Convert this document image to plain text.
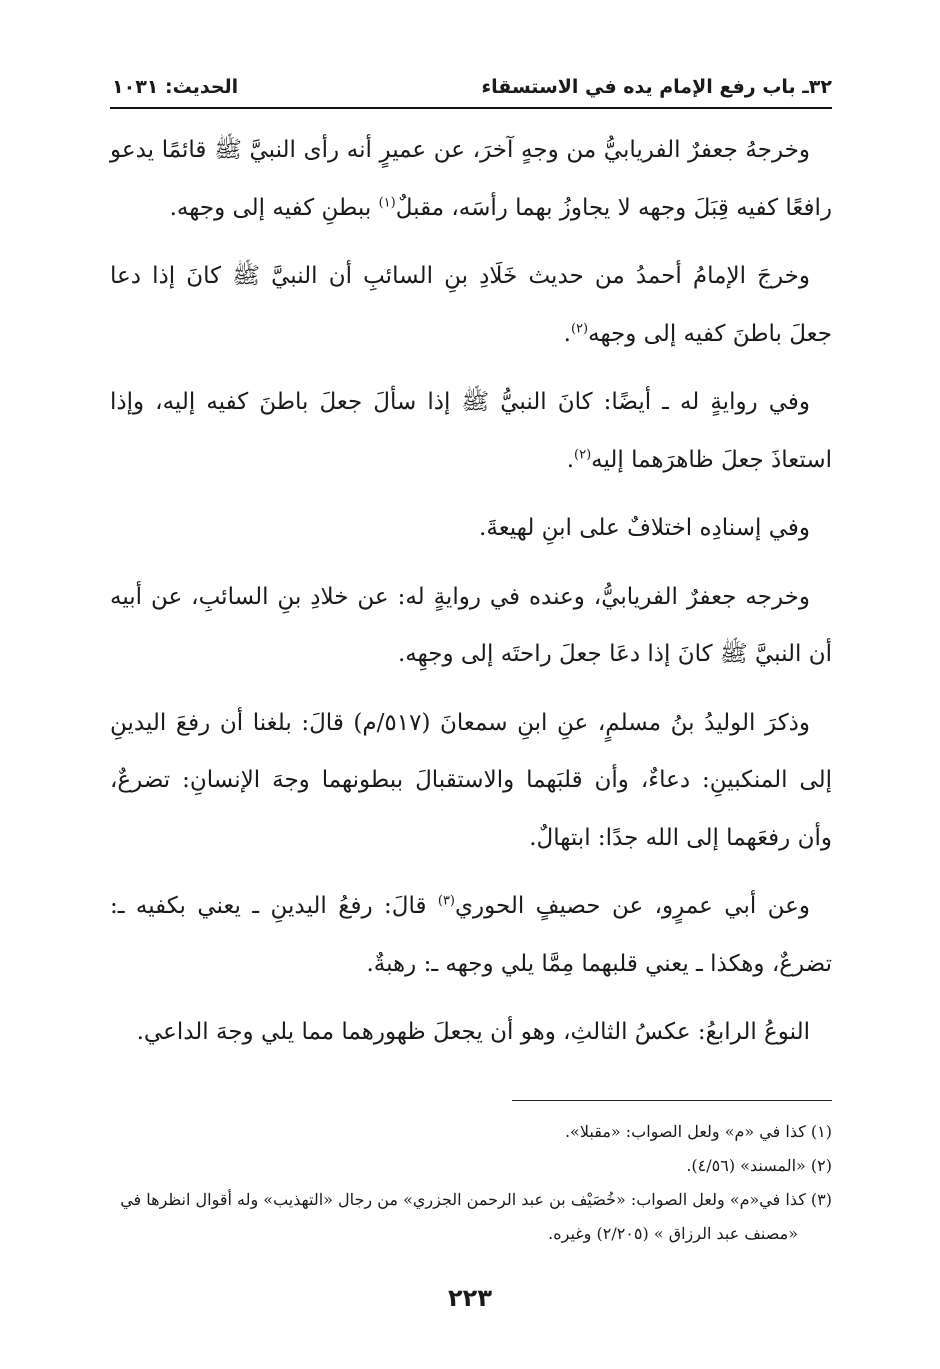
٣٢ـ باب رفع الإمام يده في الاستسقاء
الحديث: ١٠٣١

وخرجهُ جعفرٌ الفريابيُّ من وجهٍ آخرَ، عن عميرٍ أنه رأى النبيَّ ﷺ قائمًا يدعو رافعًا كفيه قِبَلَ وجهه لا يجاوزُ بهما رأسَه، مقبلٌ$^{(١)}$ ببطنِ كفيه إلى وجهه.

وخرجَ الإمامُ أحمدُ من حديث خَلَادِ بنِ السائبِ أن النبيَّ ﷺ كانَ إذا دعا جعلَ باطنَ كفيه إلى وجهه$^{(٢)}$.

وفي روايةٍ له ـ أيضًا: كانَ النبيُّ ﷺ إذا سألَ جعلَ باطنَ كفيه إليه، وإذا استعاذَ جعلَ ظاهرَهما إليه$^{(٢)}$.

وفي إسنادِه اختلافٌ على ابنِ لهيعةَ.

وخرجه جعفرٌ الفريابيُّ، وعنده في روايةٍ له: عن خلادِ بنِ السائبِ، عن أبيه أن النبيَّ ﷺ كانَ إذا دعَا جعلَ راحتَه إلى وجهِه.

وذكرَ الوليدُ بنُ مسلمٍ، عنِ ابنِ سمعانَ (٥١٧/م) قالَ: بلغنا أن رفعَ اليدينِ إلى المنكبينِ: دعاءٌ، وأن قلبَهما والاستقبالَ ببطونهما وجهَ الإنسانِ: تضرعٌ، وأن رفعَهما إلى الله جدًا: ابتهالٌ.

وعن أبي عمرٍو، عن حصيفٍ الحوري$^{(٣)}$ قالَ: رفعُ اليدينِ ـ يعني بكفيه ـ: تضرعٌ، وهكذا ـ يعني قلبهما مِمَّا يلي وجهه ـ: رهبةٌ.

النوعُ الرابعُ: عكسُ الثالثِ، وهو أن يجعلَ ظهورهما مما يلي وجهَ الداعي.

(١) كذا في «م» ولعل الصواب: «مقبلا».

(٢) «المسند» (٤/٥٦).

(٣) كذا في«م» ولعل الصواب: «خُصَيْف بن عبد الرحمن الجزري» من رجال «التهذيب» وله أقوال انظرها في «مصنف عبد الرزاق » (٢/٢٠٥) وغيره.

٢٢٣
